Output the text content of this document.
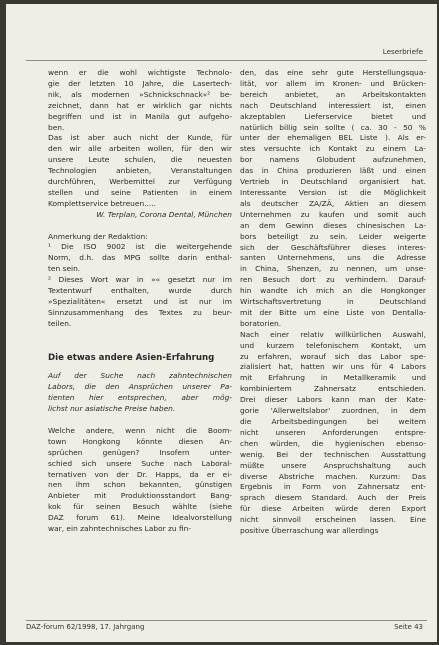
Leserbriefe
wenn er die wohl wichtigste Technolo-
gie der letzten 10 Jahre, die Lasertech-
nik, als modernen »Schnickschnack«² be-
zeichnet, dann hat er wirklich gar nichts
begriffen und ist in Manila gut aufgeho-
ben.
Das ist aber auch nicht der Kunde, für
den wir alle arbeiten wollen, für den wir
unsere Leute schulen, die neuesten
Technologien anbieten, Veranstaltungen
durchführen, Werbemittel zur Verfügung
stellen und seine Patienten in einem
Komplettservice betreuen.....
W. Terplan, Corona Dental, München
Anmerkung der Redaktion:
¹ Die ISO 9002 ist die weitergehende
Norm, d.h. das MPG sollte darin enthal-
ten sein.
² Dieses Wort war in »« gesetzt nur im
Textentwurf enthalten, wurde durch
»Spezialitäten« ersetzt und ist nur im
Sinnzusammenhang des Textes zu beur-
teilen.
Die etwas andere Asien-Erfahrung
Auf der Suche nach zahntechnischen
Labors, die den Ansprüchen unserer Pa-
tienten hier entsprechen, aber mög-
lichst nur asiatische Preise haben.
Welche andere, wenn nicht die Boom-
town Hongkong könnte diesen An-
sprüchen genügen? Insofern unter-
schied sich unsere Suche nach Laboral-
ternativen von der Dr. Happs, da er ei-
nen ihm schon bekannten, günstigen
Anbieter mit Produktionsstandort Bang-
kok für seinen Besuch wählte (siehe
DAZ forum 61). Meine Idealvorstellung
war, ein zahntechnisches Labor zu fin-
den, das eine sehr gute Herstellungsqua-
lität, vor allem im Kronen- und Brücken-
bereich anbietet, an Arbeitskontakten
nach Deutschland interessiert ist, einen
akzeptablen Lieferservice bietet und
natürlich billig sein sollte ( ca. 30 - 50 %
unter der ehemaligen BEL Liste ). Als er-
stes versuchte ich Kontakt zu einem La-
bor namens Globudent aufzunehmen,
das in China produzieren läßt und einen
Vertrieb in Deutschland organisiert hat.
Interessante Version ist die Möglichkeit
als deutscher ZA/ZÄ, Aktien an diesem
Unternehmen zu kaufen und somit auch
an dem Gewinn dieses chinesischen La-
bors beteiligt zu sein. Leider weigerte
sich der Geschäftsführer dieses interes-
santen Unternehmens, uns die Adresse
in China, Shenzen, zu nennen, um unse-
ren Besuch dort zu verhindern. Darauf-
hin wandte ich mich an die Hongkonger
Wirtschaftsvertretung in Deutschland
mit der Bitte um eine Liste von Dentalla-
boratorien.
Nach einer relativ willkürlichen Auswahl,
und kurzem telefonischem Kontakt, um
zu erfahren, worauf sich das Labor spe-
zialisiert hat, hatten wir uns für 4 Labors
mit Erfahrung in Metallkeramik und
kombiniertem Zahnersatz entschieden.
Drei dieser Labors kann man der Kate-
gorie 'Allerweltslabor' zuordnen, in dem
die Arbeitsbedingungen bei weitem
nicht unseren Anforderungen entspre-
chen würden, die hygienischen ebenso-
wenig. Bei der technischen Ausstattung
müßte unsere Anspruchshaltung auch
diverse Abstriche machen. Kurzum: Das
Ergebnis in Form von Zahnersatz ent-
sprach diesem Standard. Auch der Preis
für diese Arbeiten würde deren Export
nicht sinnvoll erscheinen lassen. Eine
positive Überraschung war allerdings
DAZ-forum 62/1998, 17. Jahrgang	Seite 43
